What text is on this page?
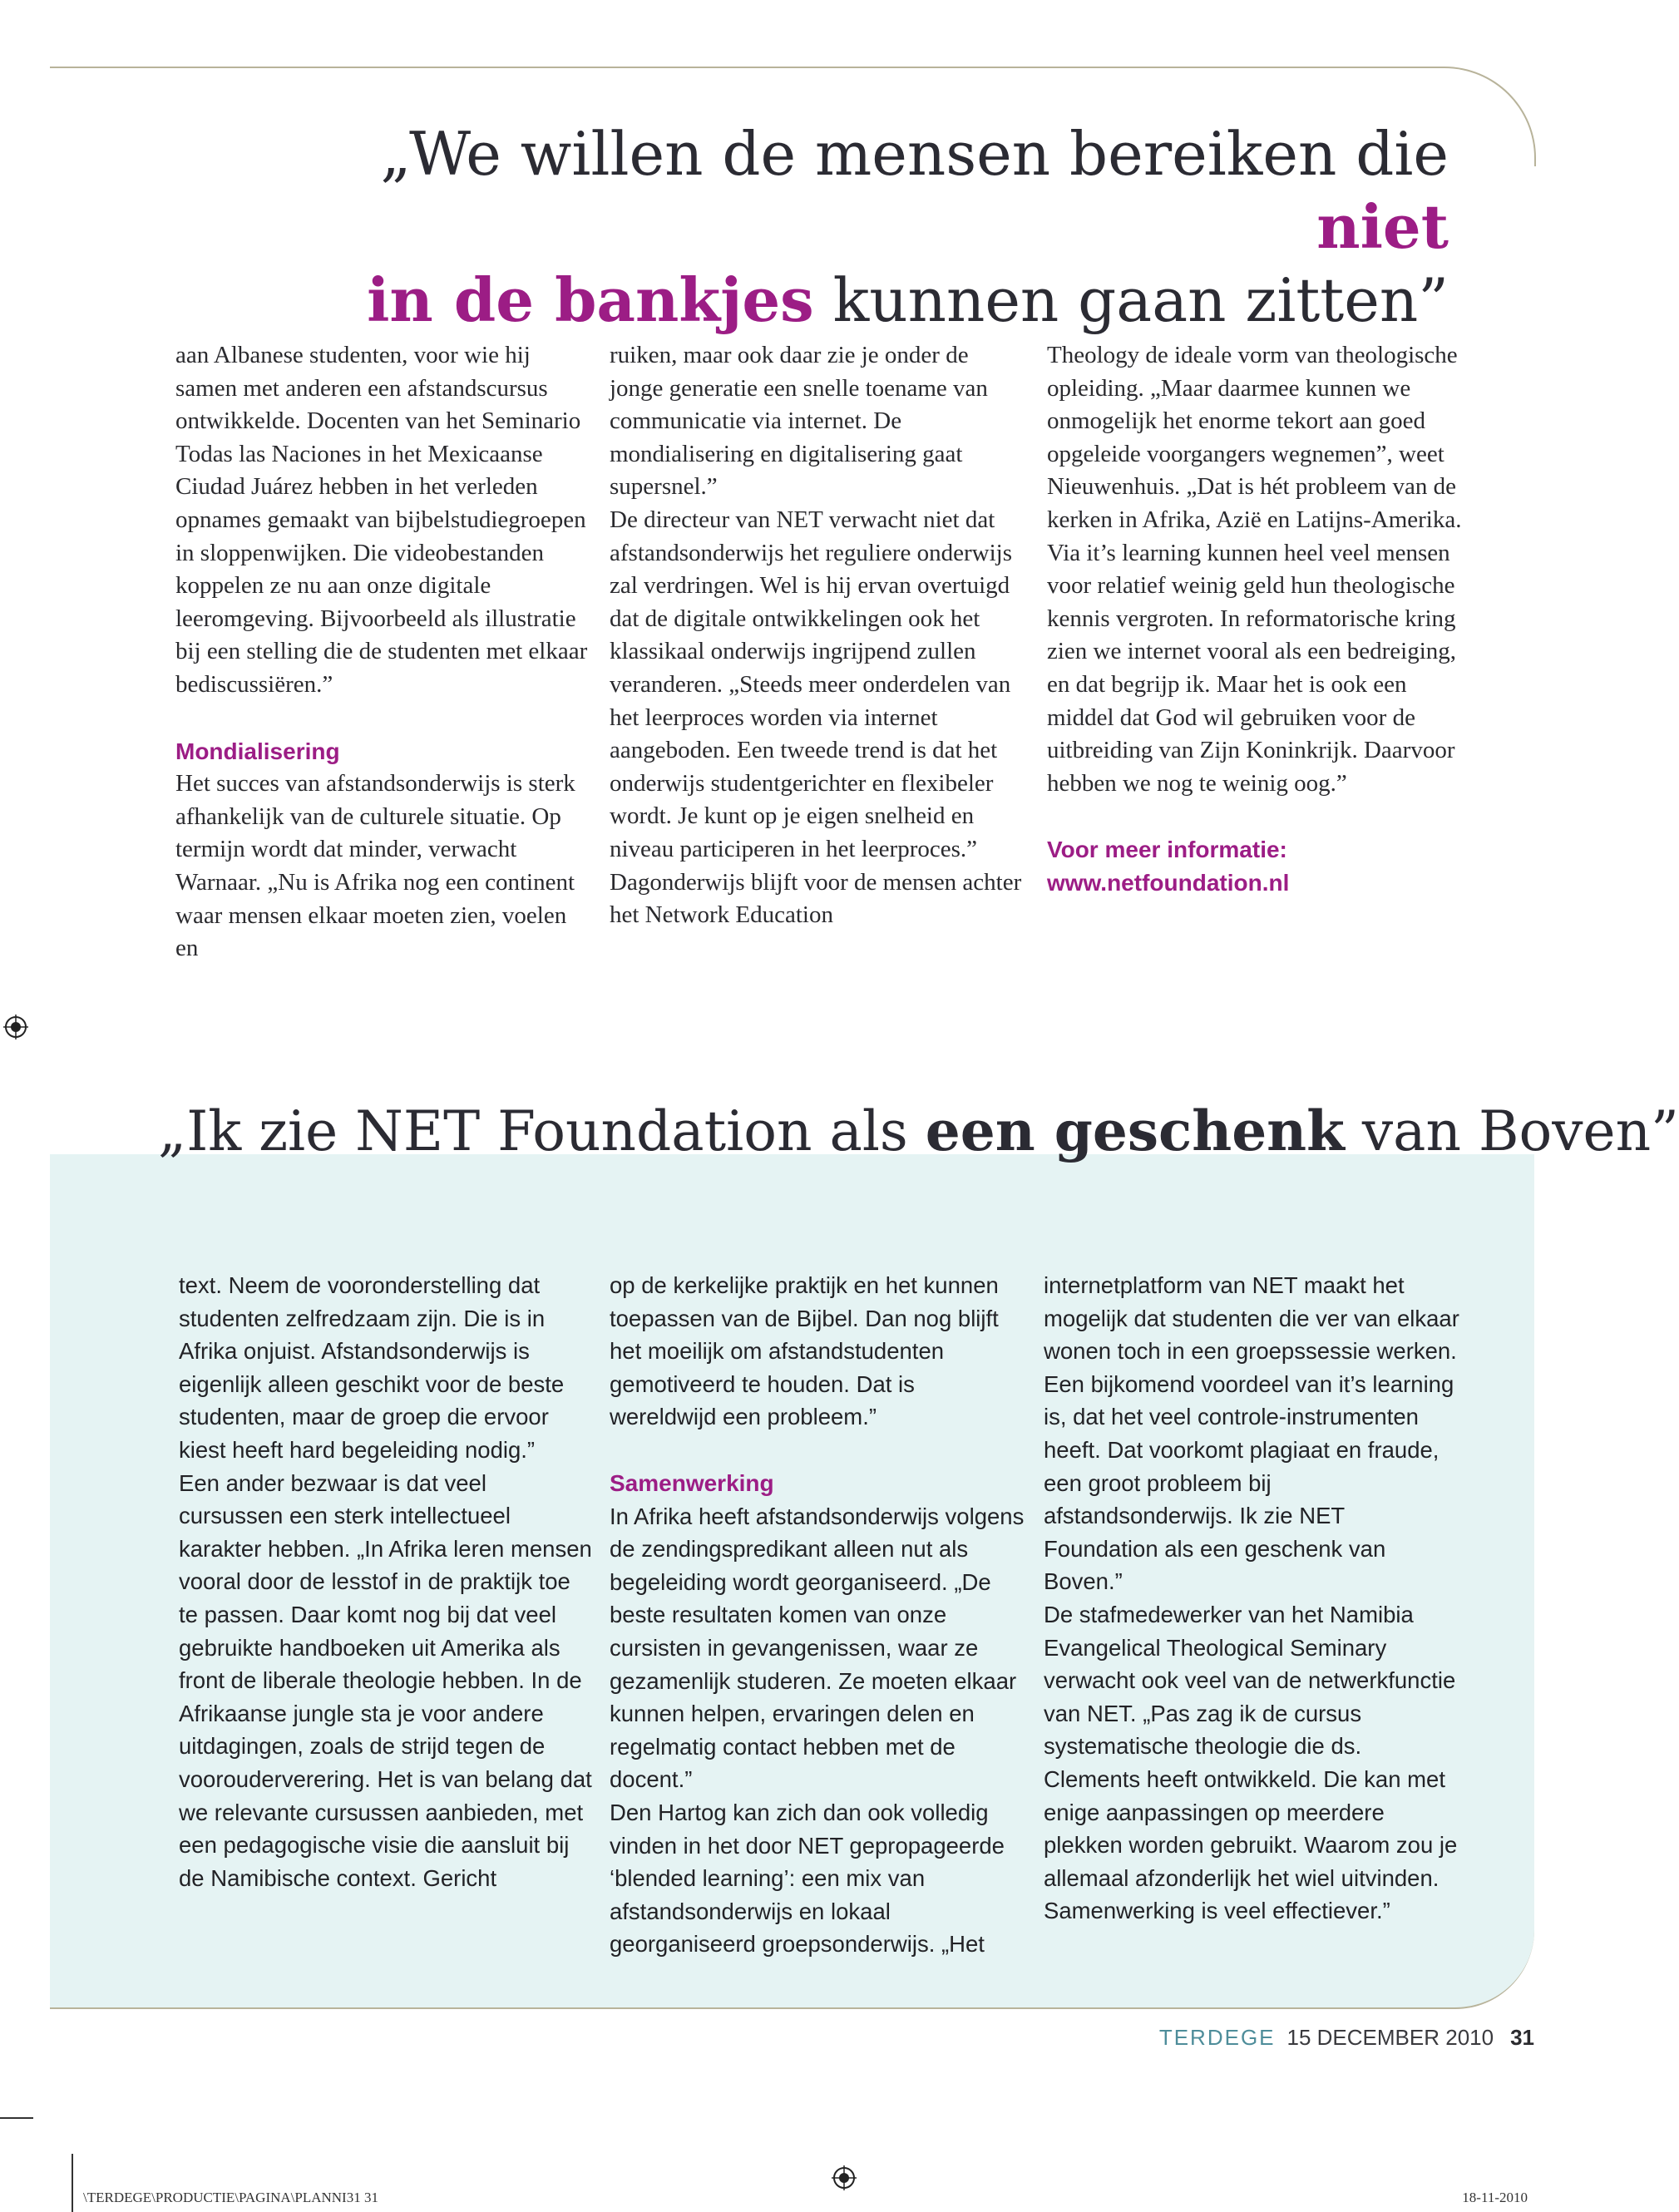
„We willen de mensen bereiken die niet
in de bankjes kunnen gaan zitten”

aan Albanese studenten, voor wie hij samen met anderen een afstandscursus ontwikkelde. Docenten van het Seminario Todas las Naciones in het Mexicaanse Ciudad Juárez hebben in het verleden opnames gemaakt van bijbelstudiegroepen in sloppenwijken. Die videobestanden koppelen ze nu aan onze digitale leeromgeving. Bijvoorbeeld als illustratie bij een stelling die de studenten met elkaar bediscussiëren.”

Mondialisering

Het succes van afstandsonderwijs is sterk afhankelijk van de culturele situatie. Op termijn wordt dat minder, verwacht Warnaar. „Nu is Afrika nog een continent waar mensen elkaar moeten zien, voelen en

ruiken, maar ook daar zie je onder de jonge generatie een snelle toename van communicatie via internet. De mondialisering en digitalisering gaat supersnel.”

De directeur van NET verwacht niet dat afstandsonderwijs het reguliere onderwijs zal verdringen. Wel is hij ervan overtuigd dat de digitale ontwikkelingen ook het klassikaal onderwijs ingrijpend zullen veranderen. „Steeds meer onderdelen van het leerproces worden via internet aangeboden. Een tweede trend is dat het onderwijs studentgerichter en flexibeler wordt. Je kunt op je eigen snelheid en niveau participeren in het leerproces.”

Dagonderwijs blijft voor de mensen achter het Network Education

Theology de ideale vorm van theologische opleiding. „Maar daarmee kunnen we onmogelijk het enorme tekort aan goed opgeleide voorgangers wegnemen”, weet Nieuwenhuis. „Dat is hét probleem van de kerken in Afrika, Azië en Latijns-Amerika. Via it’s learning kunnen heel veel mensen voor relatief weinig geld hun theologische kennis vergroten. In reformatorische kring zien we internet vooral als een bedreiging, en dat begrijp ik. Maar het is ook een middel dat God wil gebruiken voor de uitbreiding van Zijn Koninkrijk. Daarvoor hebben we nog te weinig oog.”

Voor meer informatie:

www.netfoundation.nl

„Ik zie NET Foundation als een geschenk van Boven”

text. Neem de vooronderstelling dat studenten zelfredzaam zijn. Die is in Afrika onjuist. Afstandsonderwijs is eigenlijk alleen geschikt voor de beste studenten, maar de groep die ervoor kiest heeft hard begeleiding nodig.”

Een ander bezwaar is dat veel cursussen een sterk intellectueel karakter hebben. „In Afrika leren mensen vooral door de lesstof in de praktijk toe te passen. Daar komt nog bij dat veel gebruikte handboeken uit Amerika als front de liberale theologie hebben. In de Afrikaanse jungle sta je voor andere uitdagingen, zoals de strijd tegen de voorouderverering. Het is van belang dat we relevante cursussen aanbieden, met een pedagogische visie die aansluit bij de Namibische context. Gericht

op de kerkelijke praktijk en het kunnen toepassen van de Bijbel. Dan nog blijft het moeilijk om afstandstudenten gemotiveerd te houden. Dat is wereldwijd een probleem.”

Samenwerking

In Afrika heeft afstandsonderwijs volgens de zendingspredikant alleen nut als begeleiding wordt georganiseerd. „De beste resultaten komen van onze cursisten in gevangenissen, waar ze gezamenlijk studeren. Ze moeten elkaar kunnen helpen, ervaringen delen en regelmatig contact hebben met de docent.”

Den Hartog kan zich dan ook volledig vinden in het door NET gepropageerde ‘blended learning’: een mix van afstandsonderwijs en lokaal georganiseerd groepsonderwijs. „Het

internetplatform van NET maakt het mogelijk dat studenten die ver van elkaar wonen toch in een groepssessie werken. Een bijkomend voordeel van it’s learning is, dat het veel controle-instrumenten heeft. Dat voorkomt plagiaat en fraude, een groot probleem bij afstandsonderwijs. Ik zie NET Foundation als een geschenk van Boven.”

De stafmedewerker van het Namibia Evangelical Theological Seminary verwacht ook veel van de netwerkfunctie van NET. „Pas zag ik de cursus systematische theologie die ds. Clements heeft ontwikkeld. Die kan met enige aanpassingen op meerdere plekken worden gebruikt. Waarom zou je allemaal afzonderlijk het wiel uitvinden. Samenwerking is veel effectiever.”

TERDEGE 15 DECEMBER 2010 31
\TERDEGE\PRODUCTIE\PAGINA\PLANNI31 31	18-11-2010
